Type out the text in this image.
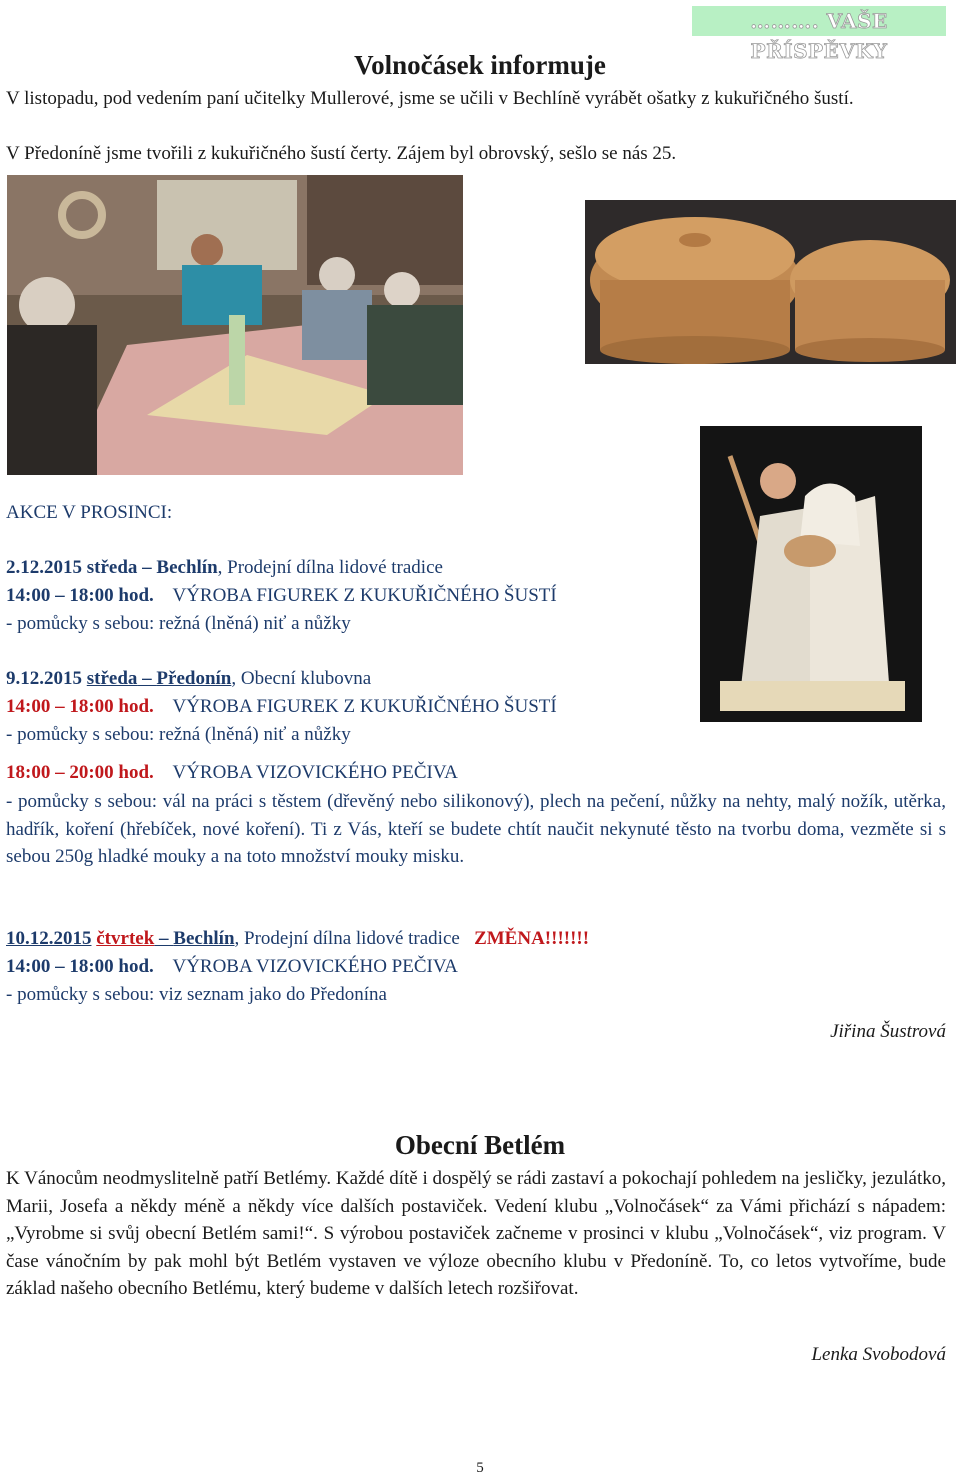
………. VAŠE PŘÍSPĚVKY
Volnočásek informuje

V listopadu, pod vedením paní učitelky Mullerové, jsme se učili v Bechlíně vyrábět ošatky z kukuřičného šustí.

V Předoníně jsme tvořili z kukuřičného šustí čerty. Zájem byl obrovský, sešlo se nás 25.

AKCE V PROSINCI:
2.12.2015 středa – Bechlín, Prodejní dílna lidové tradice
14:00 – 18:00 hod. VÝROBA FIGUREK Z KUKUŘIČNÉHO ŠUSTÍ
- pomůcky s sebou: režná (lněná) niť a nůžky
9.12.2015 středa – Předonín, Obecní klubovna
14:00 – 18:00 hod. VÝROBA FIGUREK Z KUKUŘIČNÉHO ŠUSTÍ
- pomůcky s sebou: režná (lněná) niť a nůžky
18:00 – 20:00 hod. VÝROBA VIZOVICKÉHO PEČIVA

- pomůcky s sebou: vál na práci s těstem (dřevěný nebo silikonový), plech na pečení, nůžky na nehty, malý nožík, utěrka, hadřík, koření (hřebíček, nové koření). Ti z Vás, kteří se budete chtít naučit nekynuté těsto na tvorbu doma, vezměte si s sebou 250g hladké mouky a na toto množství mouky misku.

10.12.2015 čtvrtek – Bechlín, Prodejní dílna lidové tradice ZMĚNA!!!!!!!
14:00 – 18:00 hod. VÝROBA VIZOVICKÉHO PEČIVA
- pomůcky s sebou: viz seznam jako do Předonína
Jiřina Šustrová
Obecní Betlém

K Vánocům neodmyslitelně patří Betlémy. Každé dítě i dospělý se rádi zastaví a pokochají pohledem na jesličky, jezulátko, Marii, Josefa a někdy méně a někdy více dalších postaviček. Vedení klubu „Volnočásek“ za Vámi přichází s nápadem: „Vyrobme si svůj obecní Betlém sami!“. S výrobou postaviček začneme v prosinci v klubu „Volnočásek“, viz program. V čase vánočním by pak mohl být Betlém vystaven ve výloze obecního klubu v Předoníně. To, co letos vytvoříme, bude základ našeho obecního Betlému, který budeme v dalších letech rozšiřovat.

Lenka Svobodová
5
